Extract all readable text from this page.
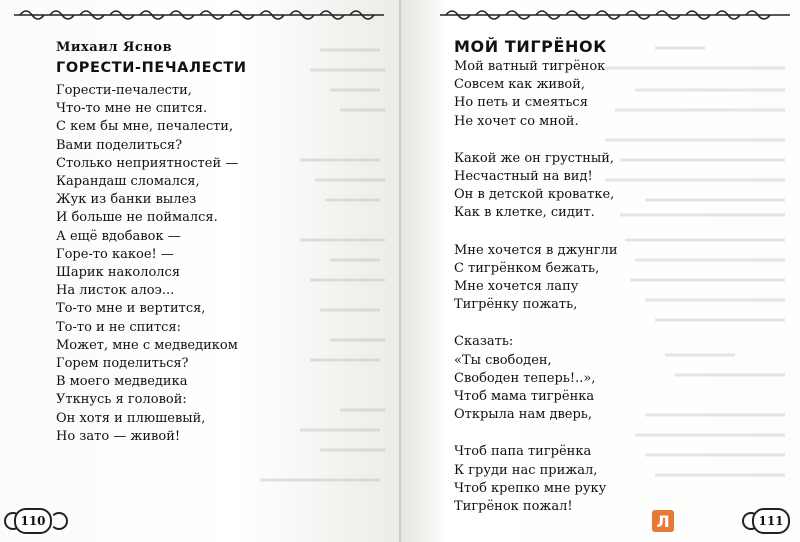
Михаил Яснов
ГОРЕСТИ-ПЕЧАЛЕСТИ
Горести-печалести,
Что-то мне не спится.
С кем бы мне, печалести,
Вами поделиться?
Столько неприятностей —
Карандаш сломался,
Жук из банки вылез
И больше не поймался.
А ещё вдобавок —
Горе-то какое! —
Шарик накололся
На листок алоэ...
То-то мне и вертится,
То-то и не спится:
Может, мне с медведиком
Горем поделиться?
В моего медведика
Уткнусь я головой:
Он хотя и плюшевый,
Но зато — живой!
МОЙ ТИГРЁНОК
Мой ватный тигрёнок
Совсем как живой,
Но петь и смеяться
Не хочет со мной.
Какой же он грустный,
Несчастный на вид!
Он в детской кроватке,
Как в клетке, сидит.
Мне хочется в джунгли
С тигрёнком бежать,
Мне хочется лапу
Тигрёнку пожать,
Сказать:
«Ты свободен,
Свободен теперь!..»,
Чтоб мама тигрёнка
Открыла нам дверь,
Чтоб папа тигрёнка
К груди нас прижал,
Чтоб крепко мне руку
Тигрёнок пожал!
110	111
Л
